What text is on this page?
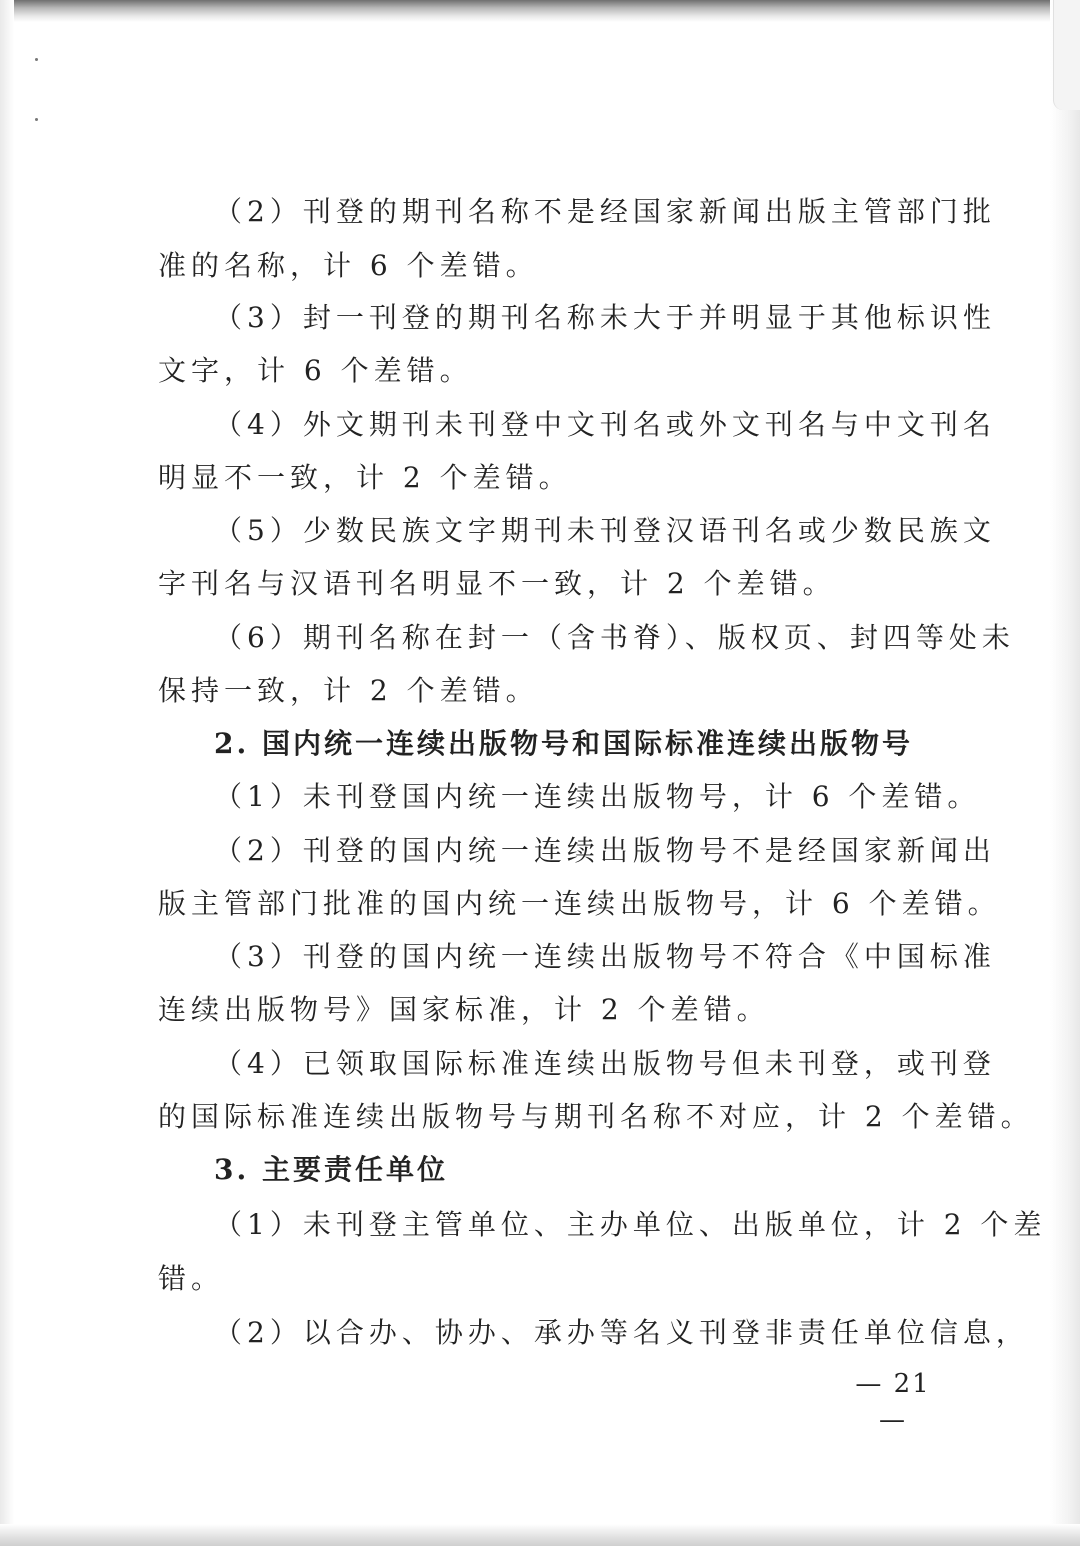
（2）刊登的期刊名称不是经国家新闻出版主管部门批
准的名称，计 6 个差错。
（3）封一刊登的期刊名称未大于并明显于其他标识性
文字，计 6 个差错。
（4）外文期刊未刊登中文刊名或外文刊名与中文刊名
明显不一致，计 2 个差错。
（5）少数民族文字期刊未刊登汉语刊名或少数民族文
字刊名与汉语刊名明显不一致，计 2 个差错。
（6）期刊名称在封一（含书脊）、版权页、封四等处未
保持一致，计 2 个差错。
2. 国内统一连续出版物号和国际标准连续出版物号
（1）未刊登国内统一连续出版物号，计 6 个差错。
（2）刊登的国内统一连续出版物号不是经国家新闻出
版主管部门批准的国内统一连续出版物号，计 6 个差错。
（3）刊登的国内统一连续出版物号不符合《中国标准
连续出版物号》国家标准，计 2 个差错。
（4）已领取国际标准连续出版物号但未刊登，或刊登
的国际标准连续出版物号与期刊名称不对应，计 2 个差错。
3. 主要责任单位
（1）未刊登主管单位、主办单位、出版单位，计 2 个差
错。
（2）以合办、协办、承办等名义刊登非责任单位信息，
— 21 —
